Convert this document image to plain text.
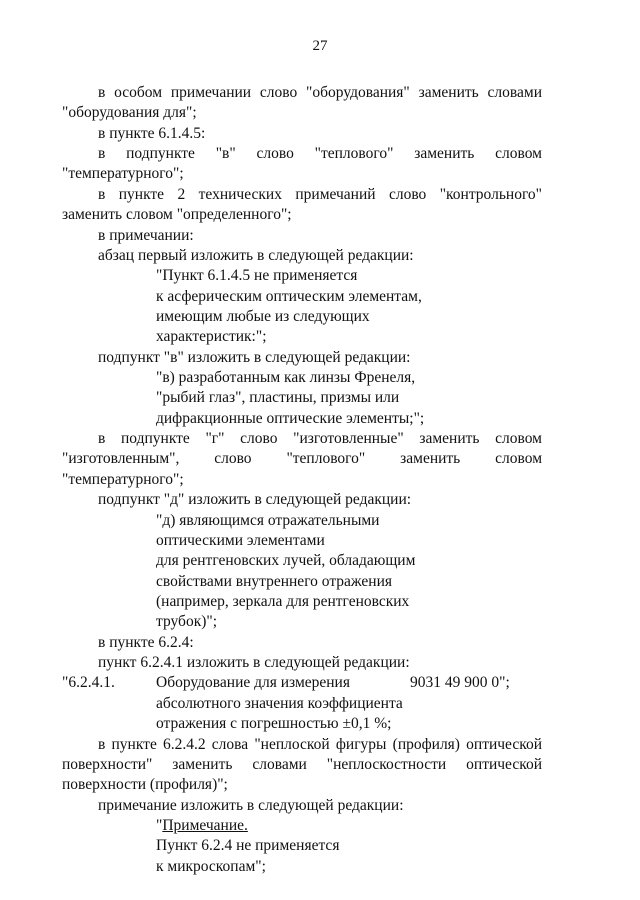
27
в особом примечании слово "оборудования" заменить словами
"оборудования для";
в пункте 6.1.4.5:
в подпункте "в" слово "теплового" заменить словом
"температурного";
в пункте 2 технических примечаний слово "контрольного"
заменить словом "определенного";
в примечании:
абзац первый изложить в следующей редакции:
"Пункт 6.1.4.5 не применяется
к асферическим оптическим элементам,
имеющим любые из следующих
характеристик:";
подпункт "в" изложить в следующей редакции:
"в) разработанным как линзы Френеля,
"рыбий глаз", пластины, призмы или
дифракционные оптические элементы;";
в подпункте "г" слово "изготовленные" заменить словом
"изготовленным", слово "теплового" заменить словом
"температурного";
подпункт "д" изложить в следующей редакции:
"д) являющимся отражательными
оптическими элементами
для рентгеновских лучей, обладающим
свойствами внутреннего отражения
(например, зеркала для рентгеновских
трубок)";
в пункте 6.2.4:
пункт 6.2.4.1 изложить в следующей редакции:
"6.2.4.1.	Оборудование для измерения	9031 49 900 0";
абсолютного значения коэффициента
отражения с погрешностью ±0,1 %;
в пункте 6.2.4.2 слова "неплоской фигуры (профиля) оптической
поверхности" заменить словами "неплоскостности оптической
поверхности (профиля)";
примечание изложить в следующей редакции:
"Примечание.
Пункт 6.2.4 не применяется
к микроскопам";
